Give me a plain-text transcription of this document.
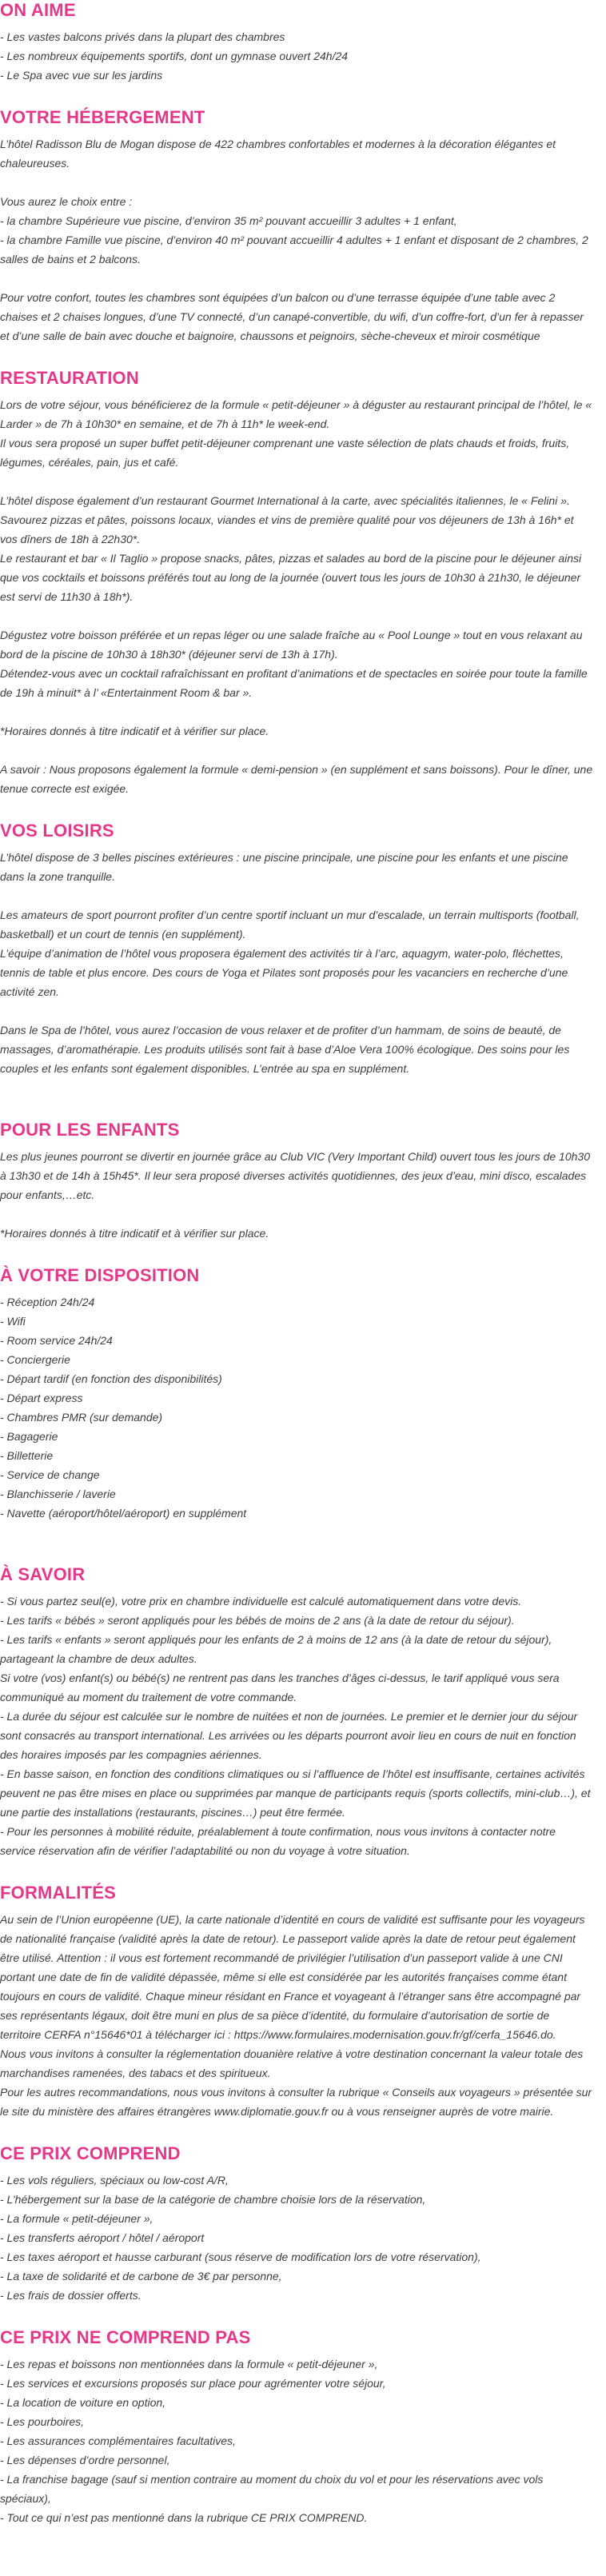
ON AIME

- Les vastes balcons privés dans la plupart des chambres

- Les nombreux équipements sportifs, dont un gymnase ouvert 24h/24

- Le Spa avec vue sur les jardins

VOTRE HÉBERGEMENT

L’hôtel Radisson Blu de Mogan dispose de 422 chambres confortables et modernes à la décoration élégantes et chaleureuses.

Vous aurez le choix entre :

- la chambre Supérieure vue piscine, d’environ 35 m² pouvant accueillir 3 adultes + 1 enfant,

- la chambre Famille vue piscine, d’environ 40 m² pouvant accueillir 4 adultes + 1 enfant et disposant de 2 chambres, 2 salles de bains et 2 balcons.

Pour votre confort, toutes les chambres sont équipées d’un balcon ou d’une terrasse équipée d’une table avec 2 chaises et 2 chaises longues, d’une TV connecté, d’un canapé-convertible, du wifi, d’un coffre-fort, d’un fer à repasser et d’une salle de bain avec douche et baignoire, chaussons et peignoirs, sèche-cheveux et miroir cosmétique

RESTAURATION

Lors de votre séjour, vous bénéficierez de la formule « petit-déjeuner » à déguster au restaurant principal de l’hôtel, le « Larder » de 7h à 10h30* en semaine, et de 7h à 11h* le week-end.

Il vous sera proposé un super buffet petit-déjeuner comprenant une vaste sélection de plats chauds et froids, fruits, légumes, céréales, pain, jus et café.

L’hôtel dispose également d’un restaurant Gourmet International à la carte, avec spécialités italiennes, le « Felini ». Savourez pizzas et pâtes, poissons locaux, viandes et vins de première qualité pour vos déjeuners de 13h à 16h* et vos dîners de 18h à 22h30*.

Le restaurant et bar « Il Taglio » propose snacks, pâtes, pizzas et salades au bord de la piscine pour le déjeuner ainsi que vos cocktails et boissons préférés tout au long de la journée (ouvert tous les jours de 10h30 à 21h30, le déjeuner est servi de 11h30 à 18h*).

Dégustez votre boisson préférée et un repas léger ou une salade fraîche au « Pool Lounge » tout en vous relaxant au bord de la piscine de 10h30 à 18h30* (déjeuner servi de 13h à 17h).

Détendez-vous avec un cocktail rafraîchissant en profitant d’animations et de spectacles en soirée pour toute la famille de 19h à minuit* à l’ «Entertainment Room & bar ».

*Horaires donnés à titre indicatif et à vérifier sur place.

A savoir : Nous proposons également la formule « demi-pension » (en supplément et sans boissons). Pour le dîner, une tenue correcte est exigée.

VOS LOISIRS

L’hôtel dispose de 3 belles piscines extérieures : une piscine principale, une piscine pour les enfants et une piscine dans la zone tranquille.

Les amateurs de sport pourront profiter d’un centre sportif incluant un mur d’escalade, un terrain multisports (football, basketball) et un court de tennis (en supplément).

L’équipe d’animation de l’hôtel vous proposera également des activités tir à l’arc, aquagym, water-polo, fléchettes, tennis de table et plus encore. Des cours de Yoga et Pilates sont proposés pour les vacanciers en recherche d’une activité zen.

Dans le Spa de l’hôtel, vous aurez l’occasion de vous relaxer et de profiter d’un hammam, de soins de beauté, de massages, d’aromathérapie. Les produits utilisés sont fait à base d’Aloe Vera 100% écologique. Des soins pour les couples et les enfants sont également disponibles. L’entrée au spa en supplément.

POUR LES ENFANTS

Les plus jeunes pourront se divertir en journée grâce au Club VIC (Very Important Child) ouvert tous les jours de 10h30 à 13h30 et de 14h à 15h45*. Il leur sera proposé diverses activités quotidiennes, des jeux d’eau, mini disco, escalades pour enfants,…etc.

*Horaires donnés à titre indicatif et à vérifier sur place.

À VOTRE DISPOSITION

- Réception 24h/24

- Wifi

- Room service 24h/24

- Conciergerie

- Départ tardif (en fonction des disponibilités)

- Départ express

- Chambres PMR (sur demande)

- Bagagerie

- Billetterie

- Service de change

- Blanchisserie / laverie

- Navette (aéroport/hôtel/aéroport) en supplément

À SAVOIR

- Si vous partez seul(e), votre prix en chambre individuelle est calculé automatiquement dans votre devis.
- Les tarifs « bébés » seront appliqués pour les bébés de moins de 2 ans (à la date de retour du séjour).
- Les tarifs « enfants » seront appliqués pour les enfants de 2 à moins de 12 ans (à la date de retour du séjour), partageant la chambre de deux adultes.
Si votre (vos) enfant(s) ou bébé(s) ne rentrent pas dans les tranches d’âges ci-dessus, le tarif appliqué vous sera communiqué au moment du traitement de votre commande.
- La durée du séjour est calculée sur le nombre de nuitées et non de journées. Le premier et le dernier jour du séjour sont consacrés au transport international. Les arrivées ou les départs pourront avoir lieu en cours de nuit en fonction des horaires imposés par les compagnies aériennes.
- En basse saison, en fonction des conditions climatiques ou si l’affluence de l’hôtel est insuffisante, certaines activités peuvent ne pas être mises en place ou supprimées par manque de participants requis (sports collectifs, mini-club…), et une partie des installations (restaurants, piscines…) peut être fermée.
- Pour les personnes à mobilité réduite, préalablement à toute confirmation, nous vous invitons à contacter notre service réservation afin de vérifier l’adaptabilité ou non du voyage à votre situation.

FORMALITÉS

Au sein de l’Union européenne (UE), la carte nationale d’identité en cours de validité est suffisante pour les voyageurs de nationalité française (validité après la date de retour). Le passeport valide après la date de retour peut également être utilisé. Attention : il vous est fortement recommandé de privilégier l’utilisation d’un passeport valide à une CNI portant une date de fin de validité dépassée, même si elle est considérée par les autorités françaises comme étant toujours en cours de validité. Chaque mineur résidant en France et voyageant à l’étranger sans être accompagné par ses représentants légaux, doit être muni en plus de sa pièce d’identité, du formulaire d’autorisation de sortie de territoire CERFA n°15646*01 à télécharger ici : https://www.formulaires.modernisation.gouv.fr/gf/cerfa_15646.do.
Nous vous invitons à consulter la réglementation douanière relative à votre destination concernant la valeur totale des marchandises ramenées, des tabacs et des spiritueux.
Pour les autres recommandations, nous vous invitons à consulter la rubrique « Conseils aux voyageurs » présentée sur le site du ministère des affaires étrangères www.diplomatie.gouv.fr ou à vous renseigner auprès de votre mairie.

CE PRIX COMPREND

- Les vols réguliers, spéciaux ou low-cost A/R,

- L’hébergement sur la base de la catégorie de chambre choisie lors de la réservation,

- La formule « petit-déjeuner »,

- Les transferts aéroport / hôtel / aéroport

- Les taxes aéroport et hausse carburant (sous réserve de modification lors de votre réservation),

- La taxe de solidarité et de carbone de 3€ par personne,

- Les frais de dossier offerts.

CE PRIX NE COMPREND PAS

- Les repas et boissons non mentionnées dans la formule « petit-déjeuner »,

- Les services et excursions proposés sur place pour agrémenter votre séjour,

- La location de voiture en option,

- Les pourboires,

- Les assurances complémentaires facultatives,

- Les dépenses d’ordre personnel,

- La franchise bagage (sauf si mention contraire au moment du choix du vol et pour les réservations avec vols spéciaux),

- Tout ce qui n’est pas mentionné dans la rubrique CE PRIX COMPREND.
